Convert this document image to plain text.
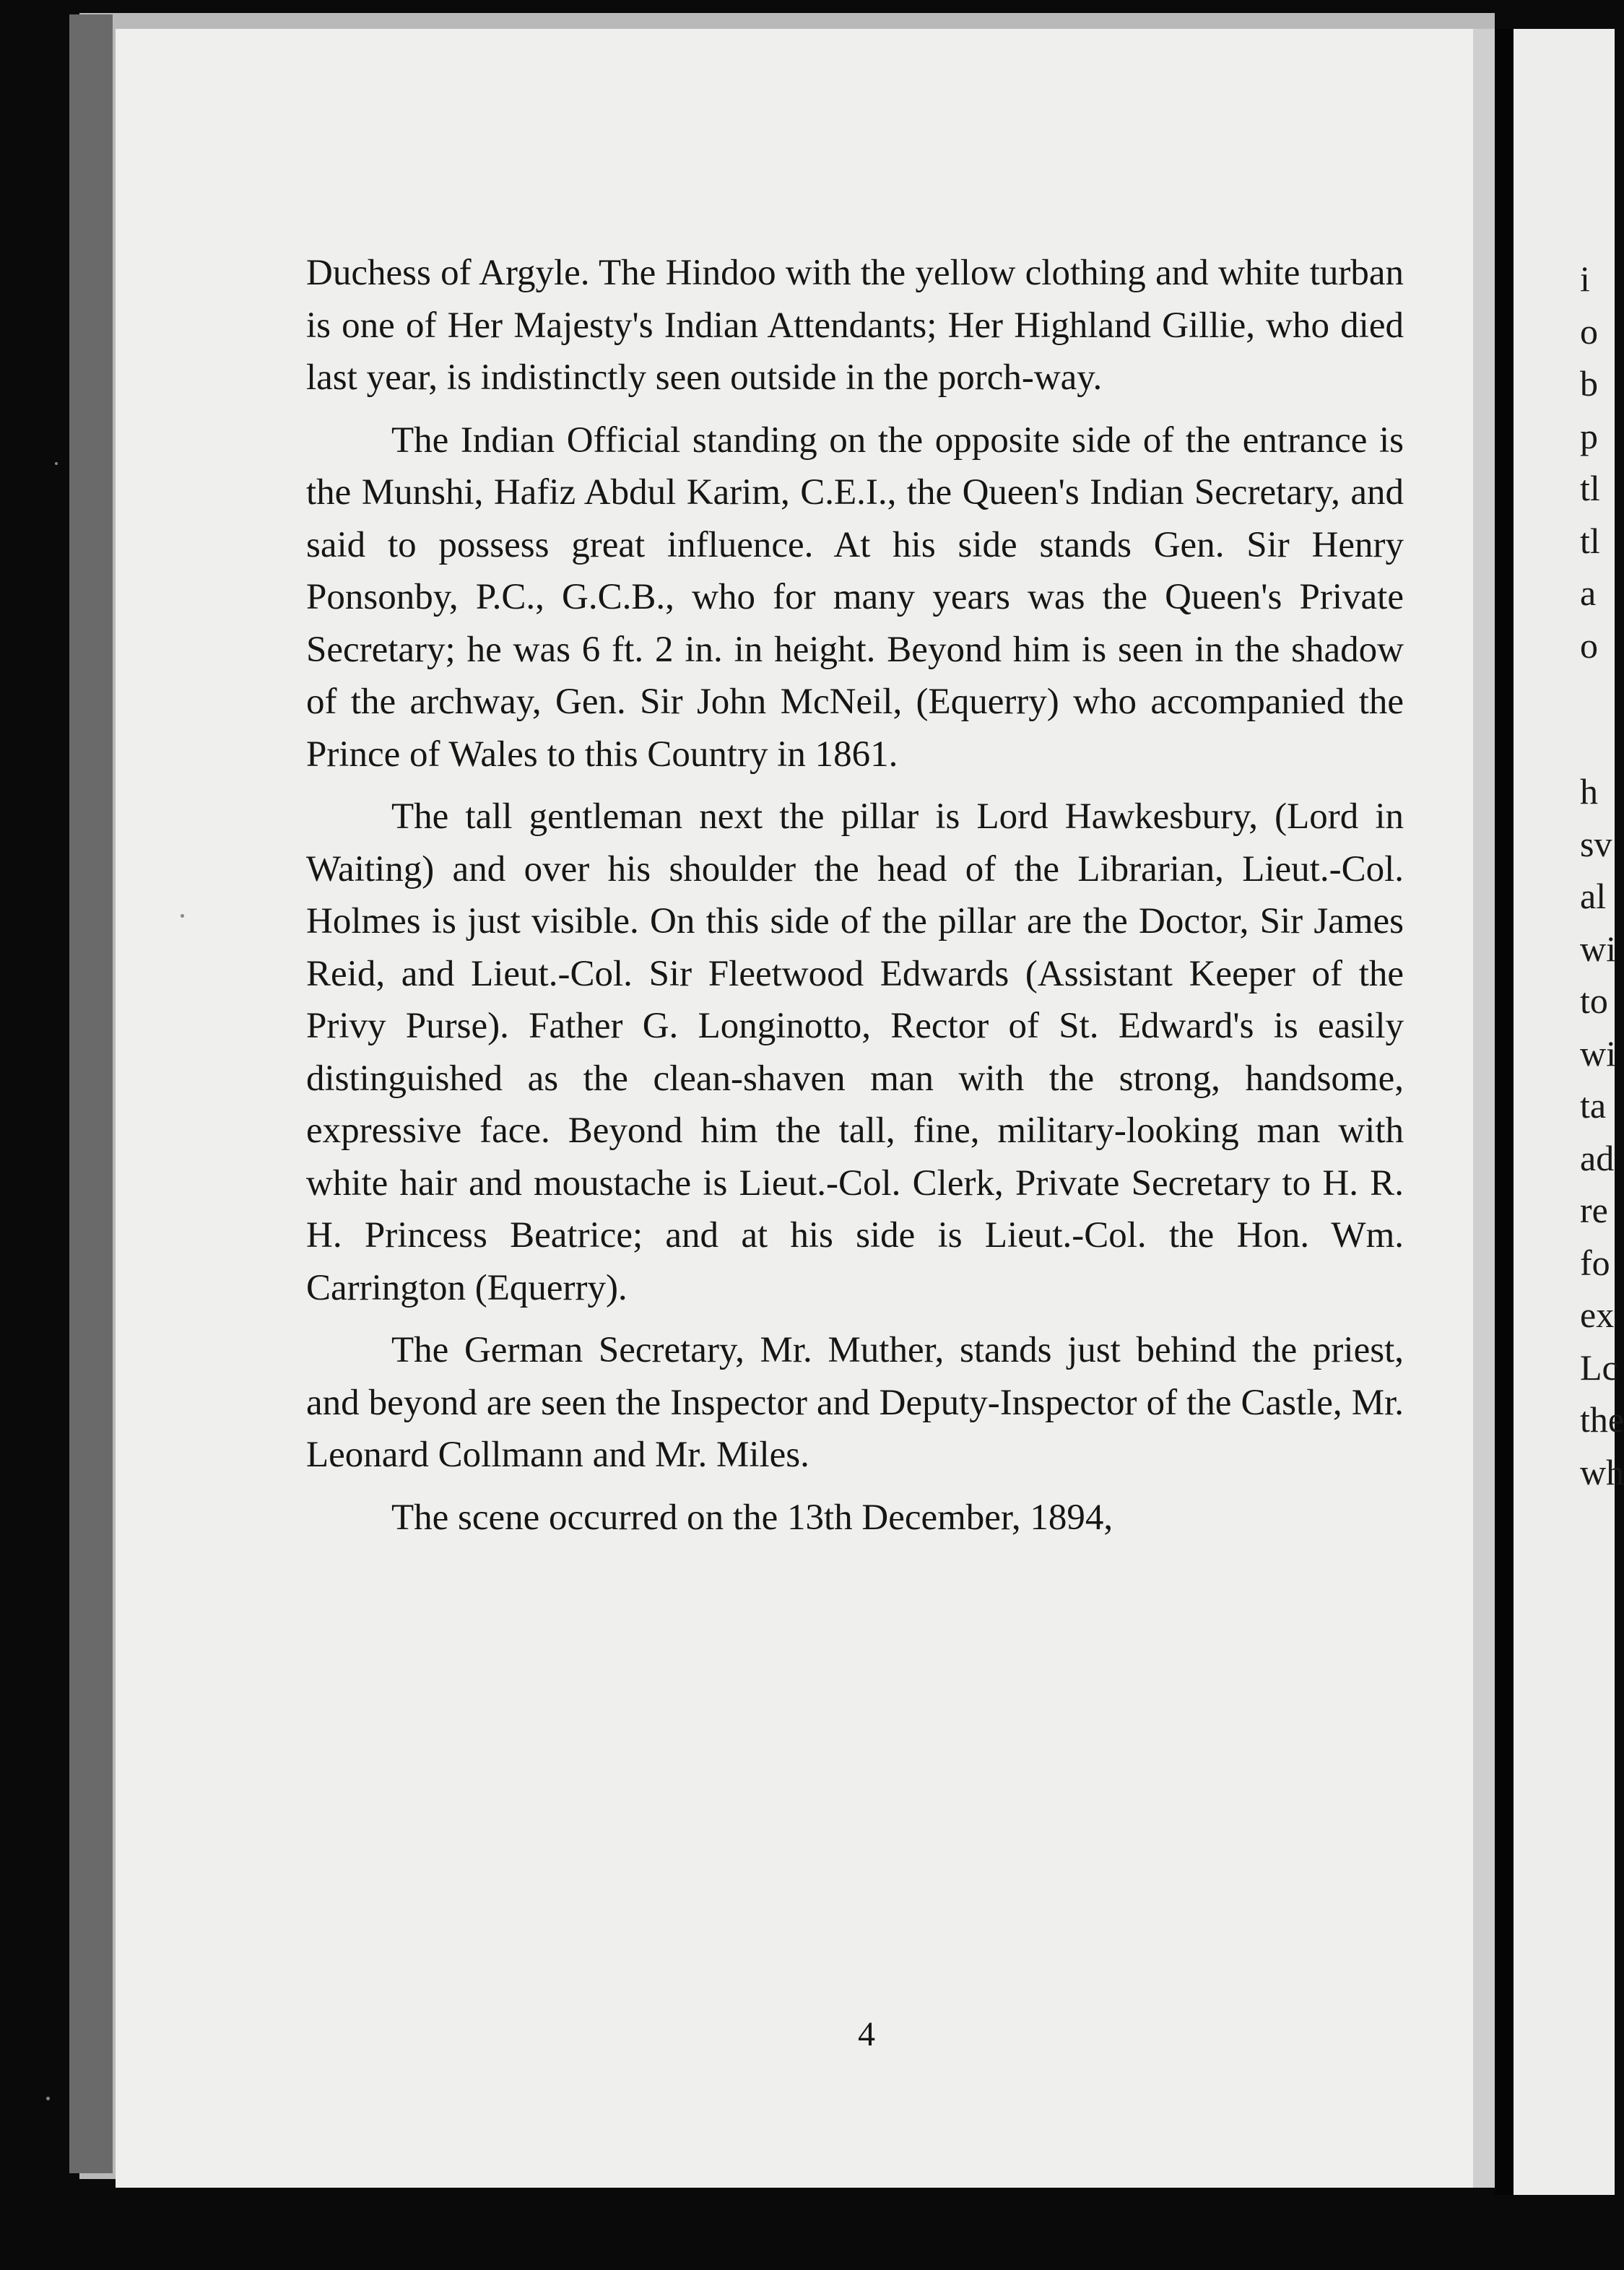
i
o
b
p
tl
tl
a
o
h
sv
al
wi
to
wi
ta
ad
re
fo
ex
Lc
the
wh

Duchess of Argyle. The Hindoo with the yellow clothing and white turban is one of Her Majesty's Indian Attendants; Her Highland Gillie, who died last year, is indistinctly seen outside in the porch-way.

The Indian Official standing on the opposite side of the entrance is the Munshi, Hafiz Abdul Karim, C.E.I., the Queen's Indian Secretary, and said to possess great influence. At his side stands Gen. Sir Henry Ponsonby, P.C., G.C.B., who for many years was the Queen's Private Secretary; he was 6 ft. 2 in. in height. Beyond him is seen in the shadow of the archway, Gen. Sir John McNeil, (Equerry) who accompanied the Prince of Wales to this Country in 1861.

The tall gentleman next the pillar is Lord Hawkesbury, (Lord in Waiting) and over his shoulder the head of the Librarian, Lieut.-Col. Holmes is just visible. On this side of the pillar are the Doctor, Sir James Reid, and Lieut.-Col. Sir Fleetwood Edwards (Assistant Keeper of the Privy Purse). Father G. Longinotto, Rector of St. Edward's is easily distinguished as the clean-shaven man with the strong, handsome, expressive face. Beyond him the tall, fine, military-looking man with white hair and moustache is Lieut.-Col. Clerk, Private Secretary to H. R. H. Princess Beatrice; and at his side is Lieut.-Col. the Hon. Wm. Carrington (Equerry).

The German Secretary, Mr. Muther, stands just behind the priest, and beyond are seen the Inspector and Deputy-Inspector of the Castle, Mr. Leonard Collmann and Mr. Miles.

The scene occurred on the 13th December, 1894,

4
